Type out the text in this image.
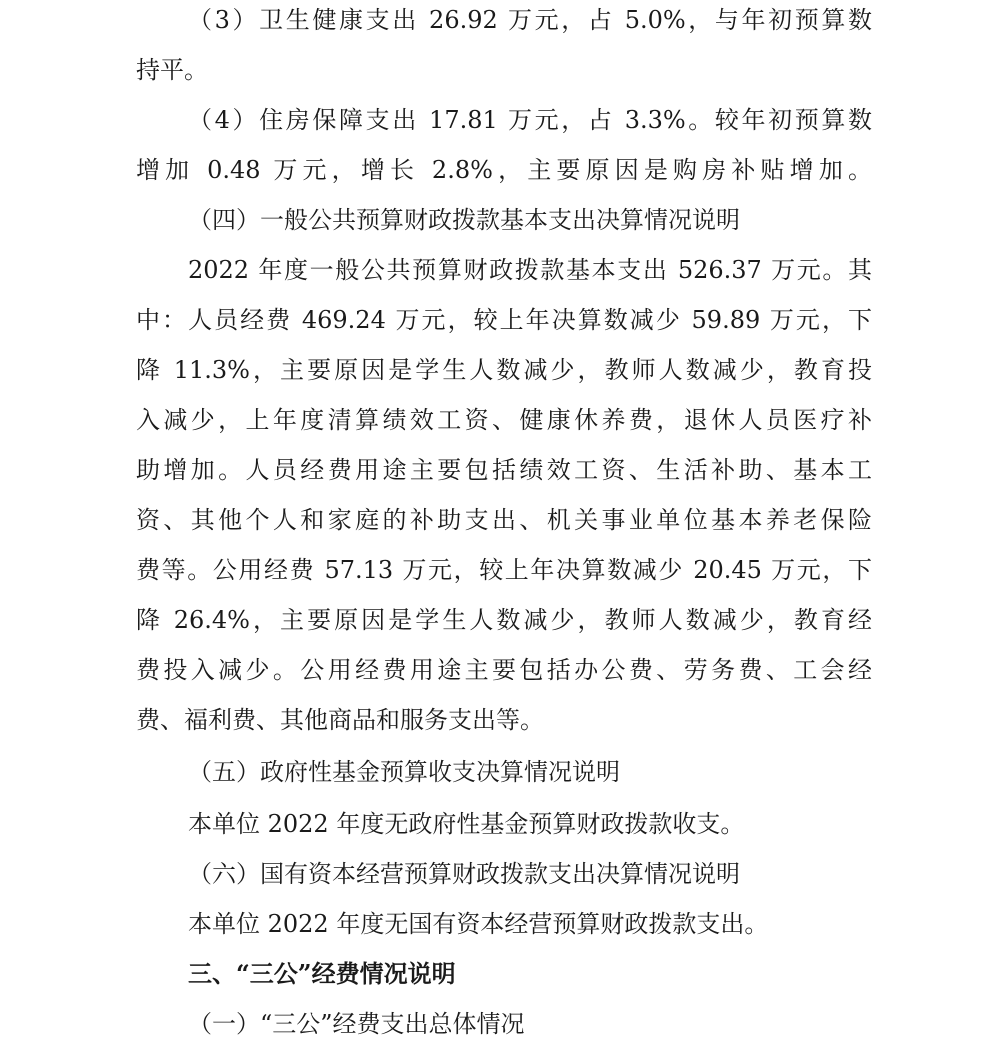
（3）卫生健康支出 26.92 万元，占 5.0%，与年初预算数

持平。

（4）住房保障支出 17.81 万元，占 3.3%。较年初预算数

增加 0.48 万元，增长 2.8%，主要原因是购房补贴增加。

（四）一般公共预算财政拨款基本支出决算情况说明

2022 年度一般公共预算财政拨款基本支出 526.37 万元。其

中：人员经费 469.24 万元，较上年决算数减少 59.89 万元，下

降 11.3%，主要原因是学生人数减少，教师人数减少，教育投

入减少，上年度清算绩效工资、健康休养费，退休人员医疗补

助增加。人员经费用途主要包括绩效工资、生活补助、基本工

资、其他个人和家庭的补助支出、机关事业单位基本养老保险

费等。公用经费 57.13 万元，较上年决算数减少 20.45 万元，下

降 26.4%，主要原因是学生人数减少，教师人数减少，教育经

费投入减少。公用经费用途主要包括办公费、劳务费、工会经

费、福利费、其他商品和服务支出等。

（五）政府性基金预算收支决算情况说明

本单位 2022 年度无政府性基金预算财政拨款收支。

（六）国有资本经营预算财政拨款支出决算情况说明

本单位 2022 年度无国有资本经营预算财政拨款支出。

三、“三公”经费情况说明

（一）“三公”经费支出总体情况
